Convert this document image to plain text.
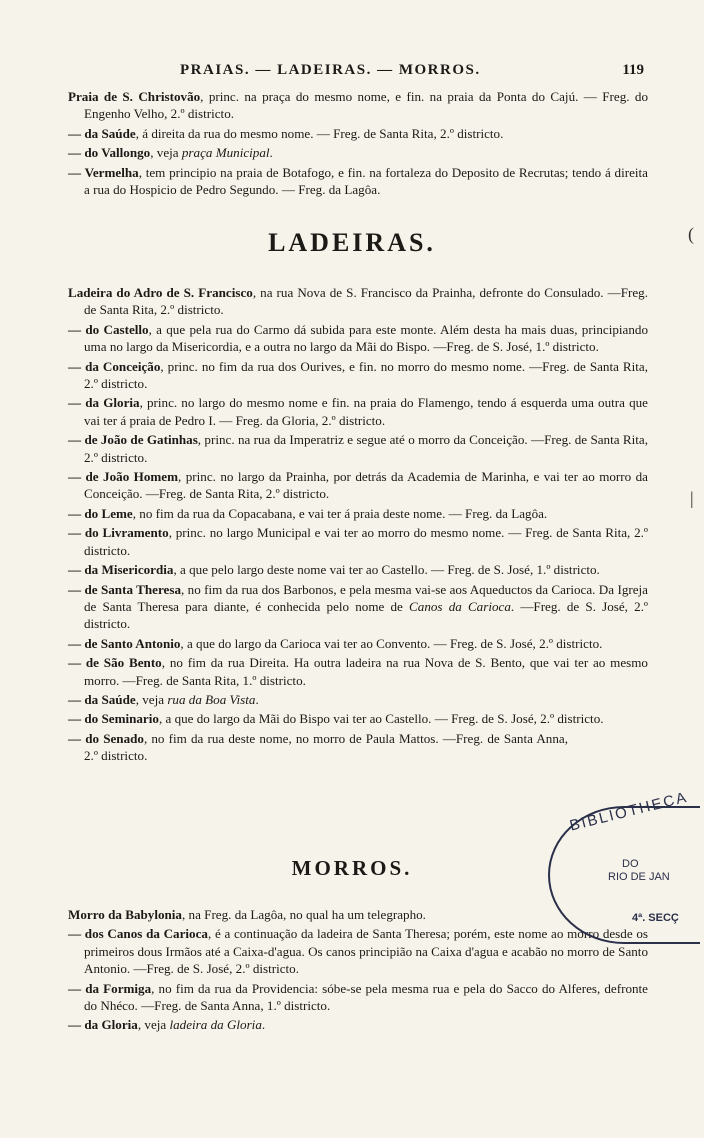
PRAIAS. — LADEIRAS. — MORROS.	119

Praia de S. Christovão, princ. na praça do mesmo nome, e fin. na praia da Ponta do Cajú. — Freg. do Engenho Velho, 2.º districto.

— da Saúde, á direita da rua do mesmo nome. — Freg. de Santa Rita, 2.º districto.

— do Vallongo, veja praça Municipal.

— Vermelha, tem principio na praia de Botafogo, e fin. na fortaleza do Deposito de Recrutas; tendo á direita a rua do Hospicio de Pedro Segundo. — Freg. da Lagôa.

LADEIRAS.

Ladeira do Adro de S. Francisco, na rua Nova de S. Francisco da Prainha, defronte do Consulado. —Freg. de Santa Rita, 2.º districto.

— do Castello, a que pela rua do Carmo dá subida para este monte. Além desta ha mais duas, principiando uma no largo da Misericordia, e a outra no largo da Mãi do Bispo. —Freg. de S. José, 1.º districto.

— da Conceição, princ. no fim da rua dos Ourives, e fin. no morro do mesmo nome. —Freg. de Santa Rita, 2.º districto.

— da Gloria, princ. no largo do mesmo nome e fin. na praia do Flamengo, tendo á esquerda uma outra que vai ter á praia de Pedro I. — Freg. da Gloria, 2.º districto.

— de João de Gatinhas, princ. na rua da Imperatriz e segue até o morro da Conceição. —Freg. de Santa Rita, 2.º districto.

— de João Homem, princ. no largo da Prainha, por detrás da Academia de Marinha, e vai ter ao morro da Conceição. —Freg. de Santa Rita, 2.º districto.

— do Leme, no fim da rua da Copacabana, e vai ter á praia deste nome. — Freg. da Lagôa.

— do Livramento, princ. no largo Municipal e vai ter ao morro do mesmo nome. — Freg. de Santa Rita, 2.º districto.

— da Misericordia, a que pelo largo deste nome vai ter ao Castello. — Freg. de S. José, 1.º districto.

— de Santa Theresa, no fim da rua dos Barbonos, e pela mesma vai-se aos Aqueductos da Carioca. Da Igreja de Santa Theresa para diante, é conhecida pelo nome de Canos da Carioca. —Freg. de S. José, 2.º districto.

— de Santo Antonio, a que do largo da Carioca vai ter ao Convento. — Freg. de S. José, 2.º districto.

— de São Bento, no fim da rua Direita. Ha outra ladeira na rua Nova de S. Bento, que vai ter ao mesmo morro. —Freg. de Santa Rita, 1.º districto.

— da Saúde, veja rua da Boa Vista.

— do Seminario, a que do largo da Mãi do Bispo vai ter ao Castello. — Freg. de S. José, 2.º districto.

— do Senado, no fim da rua deste nome, no morro de Paula Mattos. —Freg. de Santa Anna, 2.º districto.

MORROS.

Morro da Babylonia, na Freg. da Lagôa, no qual ha um telegrapho.

— dos Canos da Carioca, é a continuação da ladeira de Santa Theresa; porém, este nome ao morro desde os primeiros dous Irmãos até a Caixa-d'agua. Os canos principião na Caixa d'agua e acabão no morro de Santo Antonio. —Freg. de S. José, 2.º districto.

— da Formiga, no fim da rua da Providencia: sóbe-se pela mesma rua e pela do Sacco do Alferes, defronte do Nhéco. —Freg. de Santa Anna, 1.º districto.

— da Gloria, veja ladeira da Gloria.

BIBLIOTHECA
DO
RIO DE JAN
4ª. SECÇ
(
|
